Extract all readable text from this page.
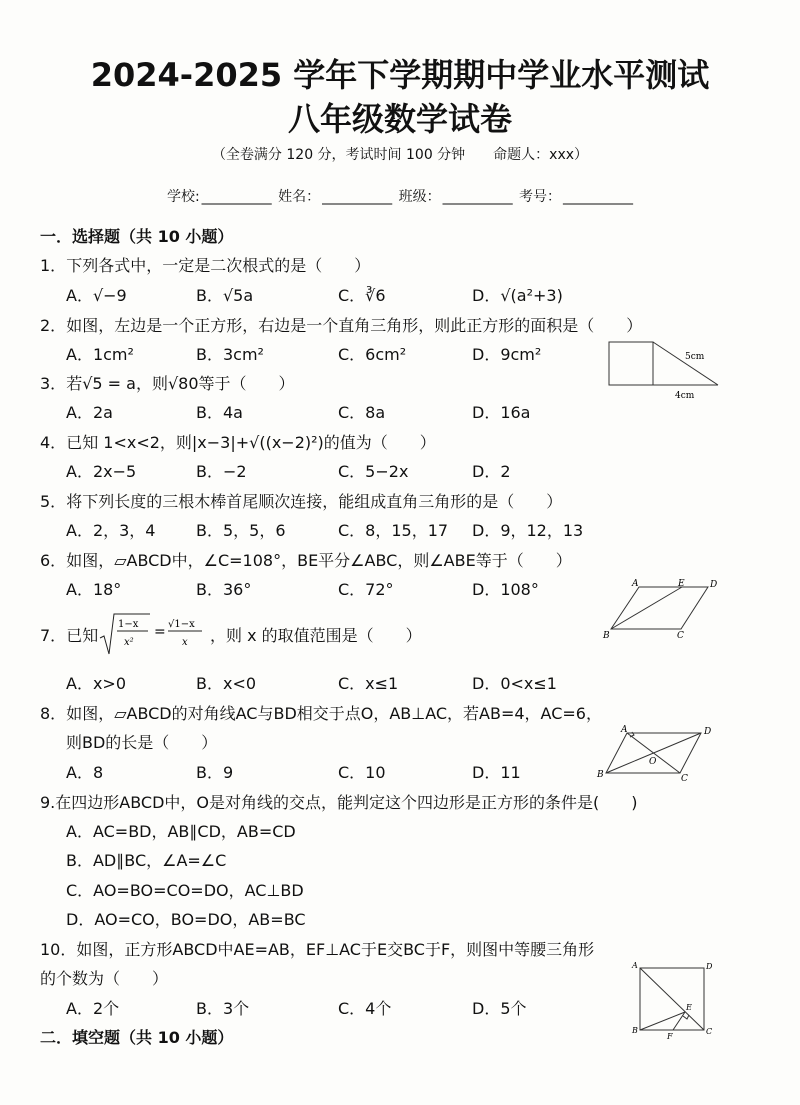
2024-2025 学年下学期期中学业水平测试
八年级数学试卷
（全卷满分 120 分，考试时间 100 分钟　　命题人：xxx）
学校: __________ 姓名： __________ 班级： __________ 考号： __________
一．选择题（共 10 小题）
1．下列各式中，一定是二次根式的是（　　）
A．√−9	B．√5a	C．∛6	D．√(a²+3)
2．如图，左边是一个正方形，右边是一个直角三角形，则此正方形的面积是（　　）
A．1cm²	B．3cm²	C．6cm²	D．9cm²	5cm
4cm
3．若√5 = a，则√80等于（　　）
A．2a	B．4a	C．8a	D．16a
4．已知 1<x<2，则|x−3|+√((x−2)²)的值为（　　）
A．2x−5	B．−2	C．5−2x	D．2
5．将下列长度的三根木棒首尾顺次连接，能组成直角三角形的是（　　）
A．2，3，4	B．5，5，6	C．8，15，17 D．9，12，13
6．如图，▱ABCD中，∠C=108°，BE平分∠ABC，则∠ABE等于（　　）
A．18°	B．36°	C．72°	D．108°	A	E	D
B	C
7．已知
1−x
x²
= √1−x
x ，则 x 的取值范围是（　　）
A．x>0	B．x<0	C．x≤1	D．0<x≤1
8．如图，▱ABCD的对角线AC与BD相交于点O，AB⊥AC，若AB=4，AC=6，
则BD的长是（　　）
A．8	B．9	C．10	D．11
A	D
O
B	C
9.在四边形ABCD中，O是对角线的交点，能判定这个四边形是正方形的条件是(　　)
A．AC=BD，AB∥CD，AB=CD
B．AD∥BC，∠A=∠C
C．AO=BO=CO=DO，AC⊥BD
D．AO=CO，BO=DO，AB=BC
10．如图，正方形ABCD中AE=AB，EF⊥AC于E交BC于F，则图中等腰三角形
的个数为（　　）
A．2个	B．3个	C．4个	D．5个
A	D
E
B
F
C
二．填空题（共 10 小题）
